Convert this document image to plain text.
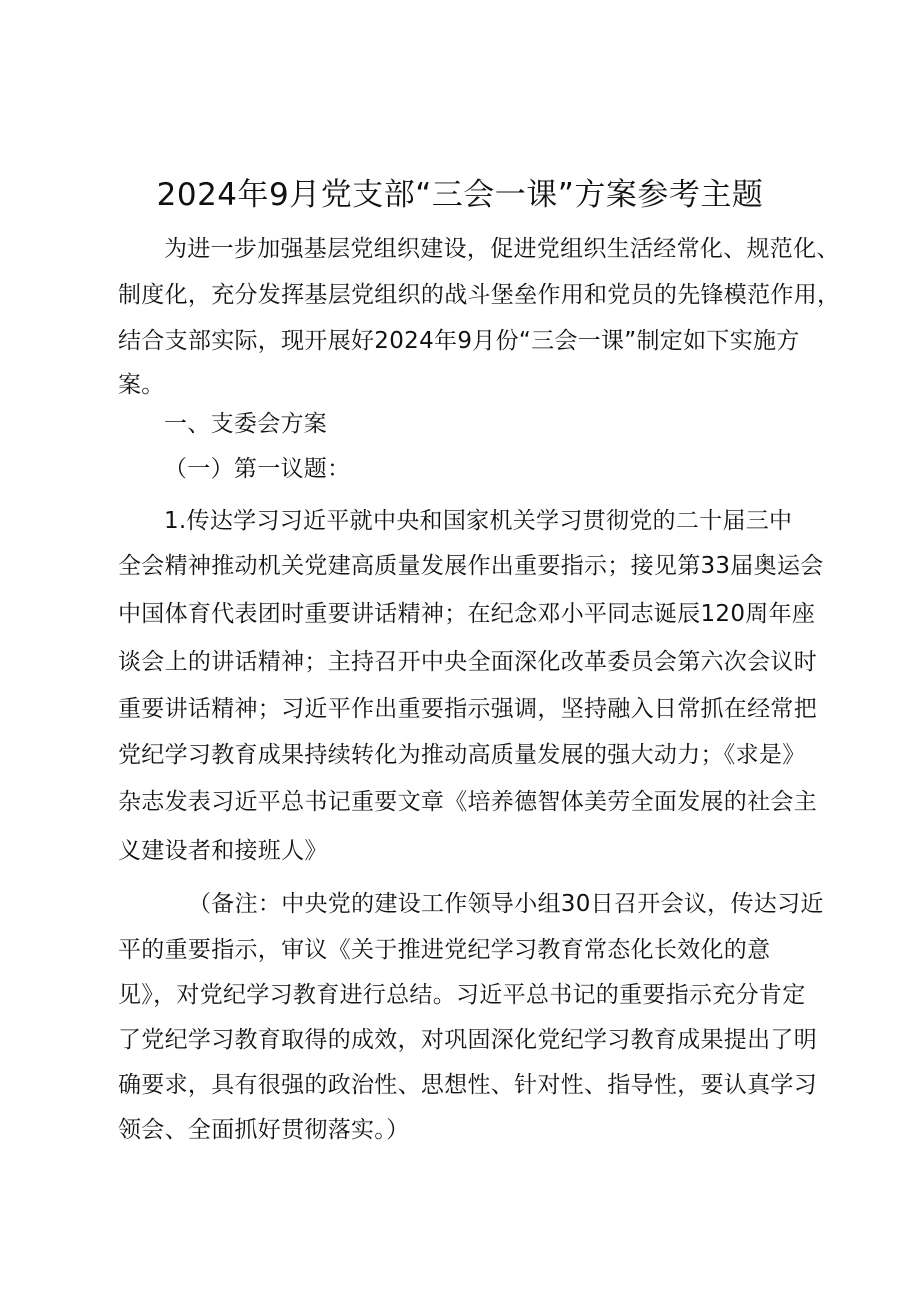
2024年9月党支部“三会一课”方案参考主题
为进一步加强基层党组织建设，促进党组织生活经常化、规范化、
制度化，充分发挥基层党组织的战斗堡垒作用和党员的先锋模范作用，
结合支部实际，现开展好2024年9月份“三会一课”制定如下实施方
案。
一、支委会方案
（一）第一议题：
1.传达学习习近平就中央和国家机关学习贯彻党的二十届三中
全会精神推动机关党建高质量发展作出重要指示；接见第33届奥运会
中国体育代表团时重要讲话精神；在纪念邓小平同志诞辰120周年座
谈会上的讲话精神；主持召开中央全面深化改革委员会第六次会议时
重要讲话精神；习近平作出重要指示强调，坚持融入日常抓在经常把
党纪学习教育成果持续转化为推动高质量发展的强大动力；《求是》
杂志发表习近平总书记重要文章《培养德智体美劳全面发展的社会主
义建设者和接班人》
（备注：中央党的建设工作领导小组30日召开会议，传达习近
平的重要指示，审议《关于推进党纪学习教育常态化长效化的意
见》，对党纪学习教育进行总结。习近平总书记的重要指示充分肯定
了党纪学习教育取得的成效，对巩固深化党纪学习教育成果提出了明
确要求，具有很强的政治性、思想性、针对性、指导性，要认真学习
领会、全面抓好贯彻落实。）
